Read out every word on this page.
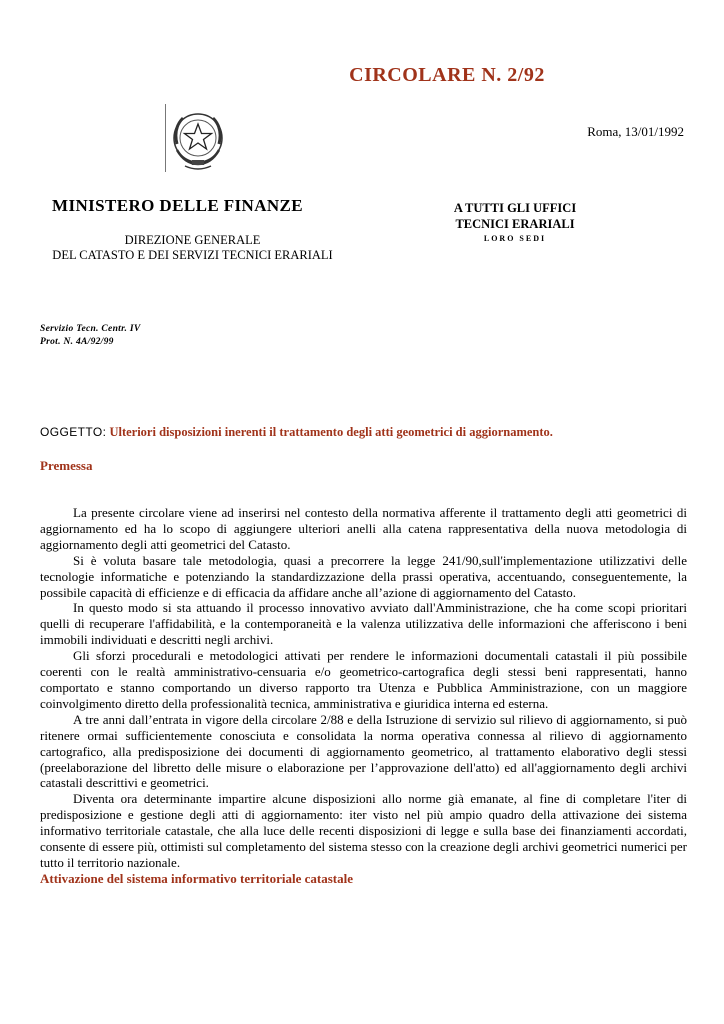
CIRCOLARE N. 2/92
Roma, 13/01/1992
MINISTERO DELLE FINANZE
DIREZIONE GENERALE
DEL CATASTO E DEI SERVIZI TECNICI ERARIALI
A TUTTI GLI UFFICI
TECNICI ERARIALI
LORO SEDI
Servizio Tecn. Centr. IV
Prot. N. 4A/92/99
OGGETTO: Ulteriori disposizioni inerenti il trattamento degli atti geometrici di aggiornamento.
Premessa

La presente circolare viene ad inserirsi nel contesto della normativa afferente il trattamento degli atti geometrici di aggiornamento ed ha lo scopo di aggiungere ulteriori anelli alla catena rappresentativa della nuova metodologia di aggiornamento degli atti geometrici del Catasto.

Si è voluta basare tale metodologia, quasi a precorrere la legge 241/90,sull'implementazione utilizzativi delle tecnologie informatiche e potenziando la standardizzazione della prassi operativa, accentuando, conseguentemente, la possibile capacità di efficienze e di efficacia da affidare anche all’azione di aggiornamento del Catasto.

In questo modo si sta attuando il processo innovativo avviato dall'Amministrazione, che ha come scopi prioritari quelli di recuperare l'affidabilità, e la contemporaneità e la valenza utilizzativa delle informazioni che afferiscono i beni immobili individuati e descritti negli archivi.

Gli sforzi procedurali e metodologici attivati per rendere le informazioni documentali catastali il più possibile coerenti con le realtà amministrativo-censuaria e/o geometrico-cartografica degli stessi beni rappresentati, hanno comportato e stanno comportando un diverso rapporto tra Utenza e Pubblica Amministrazione, con un maggiore coinvolgimento diretto della professionalità tecnica, amministrativa e giuridica interna ed esterna.

A tre anni dall’entrata in vigore della circolare 2/88 e della Istruzione di servizio sul rilievo di aggiornamento, si può ritenere ormai sufficientemente conosciuta e consolidata la norma operativa connessa al rilievo di aggiornamento cartografico, alla predisposizione dei documenti di aggiornamento geometrico, al trattamento elaborativo degli stessi (preelaborazione del libretto delle misure o elaborazione per l’approvazione dell'atto) ed all'aggiornamento degli archivi catastali descrittivi e geometrici.

Diventa ora determinante impartire alcune disposizioni allo norme già emanate, al fine di completare l'iter di predisposizione e gestione degli atti di aggiornamento: iter visto nel più ampio quadro della attivazione dei sistema informativo territoriale catastale, che alla luce delle recenti disposizioni di legge e sulla base dei finanziamenti accordati, consente di essere più, ottimisti sul completamento del sistema stesso con la creazione degli archivi geometrici numerici per tutto il territorio nazionale.

Attivazione del sistema informativo territoriale catastale
